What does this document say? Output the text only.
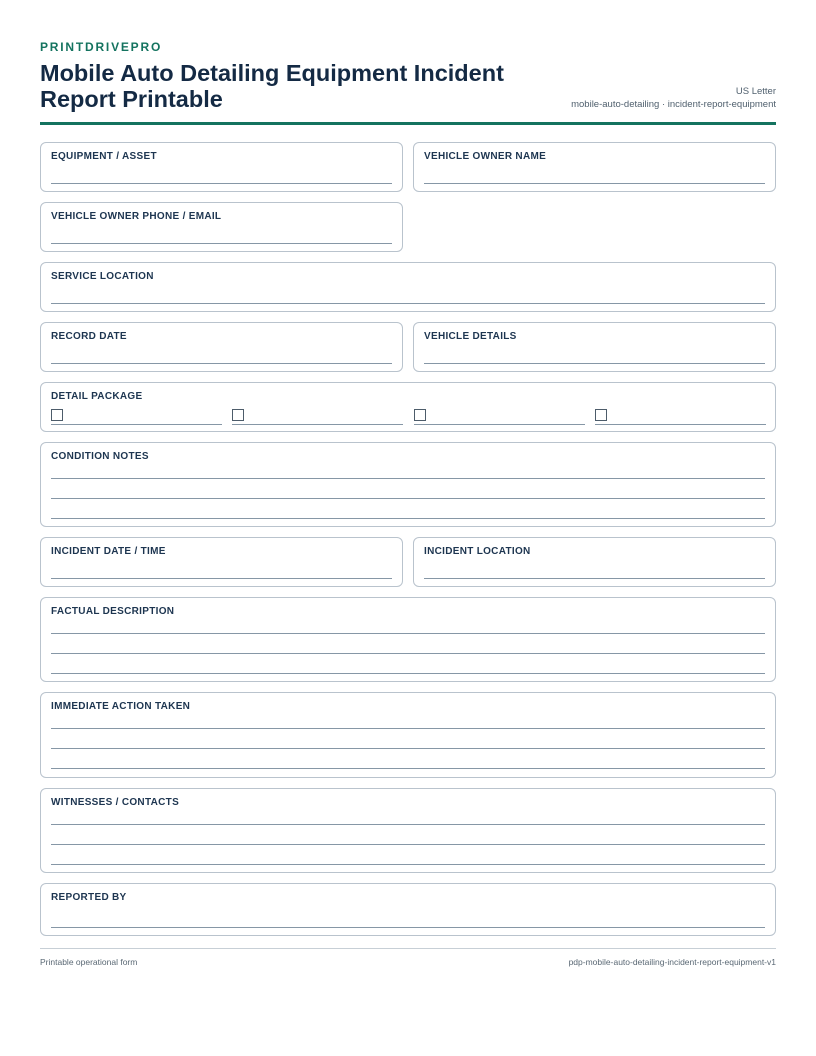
PRINTDRIVEPRO
Mobile Auto Detailing Equipment Incident Report Printable	US Letter
mobile-auto-detailing · incident-report-equipment
EQUIPMENT / ASSET	VEHICLE OWNER NAME
VEHICLE OWNER PHONE / EMAIL
SERVICE LOCATION
RECORD DATE	VEHICLE DETAILS
DETAIL PACKAGE
CONDITION NOTES
INCIDENT DATE / TIME	INCIDENT LOCATION
FACTUAL DESCRIPTION
IMMEDIATE ACTION TAKEN
WITNESSES / CONTACTS
REPORTED BY
Printable operational form	pdp-mobile-auto-detailing-incident-report-equipment-v1
